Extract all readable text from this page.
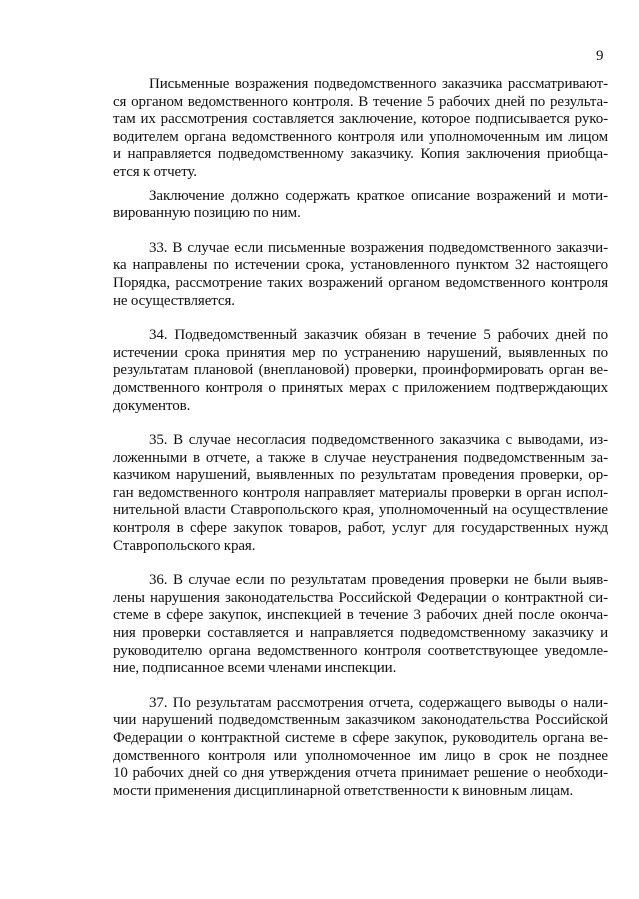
9

Письменные возражения подведомственного заказчика рассматривают-
ся органом ведомственного контроля. В течение 5 рабочих дней по результа-
там их рассмотрения составляется заключение, которое подписывается руко-
водителем органа ведомственного контроля или уполномоченным им лицом
и направляется подведомственному заказчику. Копия заключения приобща-
ется к отчету.

Заключение должно содержать краткое описание возражений и моти-
вированную позицию по ним.

33. В случае если письменные возражения подведомственного заказчи-
ка направлены по истечении срока, установленного пунктом 32 настоящего
Порядка, рассмотрение таких возражений органом ведомственного контроля
не осуществляется.

34. Подведомственный заказчик обязан в течение 5 рабочих дней по
истечении срока принятия мер по устранению нарушений, выявленных по
результатам плановой (внеплановой) проверки, проинформировать орган ве-
домственного контроля о принятых мерах с приложением подтверждающих
документов.

35. В случае несогласия подведомственного заказчика с выводами, из-
ложенными в отчете, а также в случае неустранения подведомственным за-
казчиком нарушений, выявленных по результатам проведения проверки, ор-
ган ведомственного контроля направляет материалы проверки в орган испол-
нительной власти Ставропольского края, уполномоченный на осуществление
контроля в сфере закупок товаров, работ, услуг для государственных нужд
Ставропольского края.

36. В случае если по результатам проведения проверки не были выяв-
лены нарушения законодательства Российской Федерации о контрактной си-
стеме в сфере закупок, инспекцией в течение 3 рабочих дней после оконча-
ния проверки составляется и направляется подведомственному заказчику и
руководителю органа ведомственного контроля соответствующее уведомле-
ние, подписанное всеми членами инспекции.

37. По результатам рассмотрения отчета, содержащего выводы о нали-
чии нарушений подведомственным заказчиком законодательства Российской
Федерации о контрактной системе в сфере закупок, руководитель органа ве-
домственного контроля или уполномоченное им лицо в срок не позднее
10 рабочих дней со дня утверждения отчета принимает решение о необходи-
мости применения дисциплинарной ответственности к виновным лицам.
